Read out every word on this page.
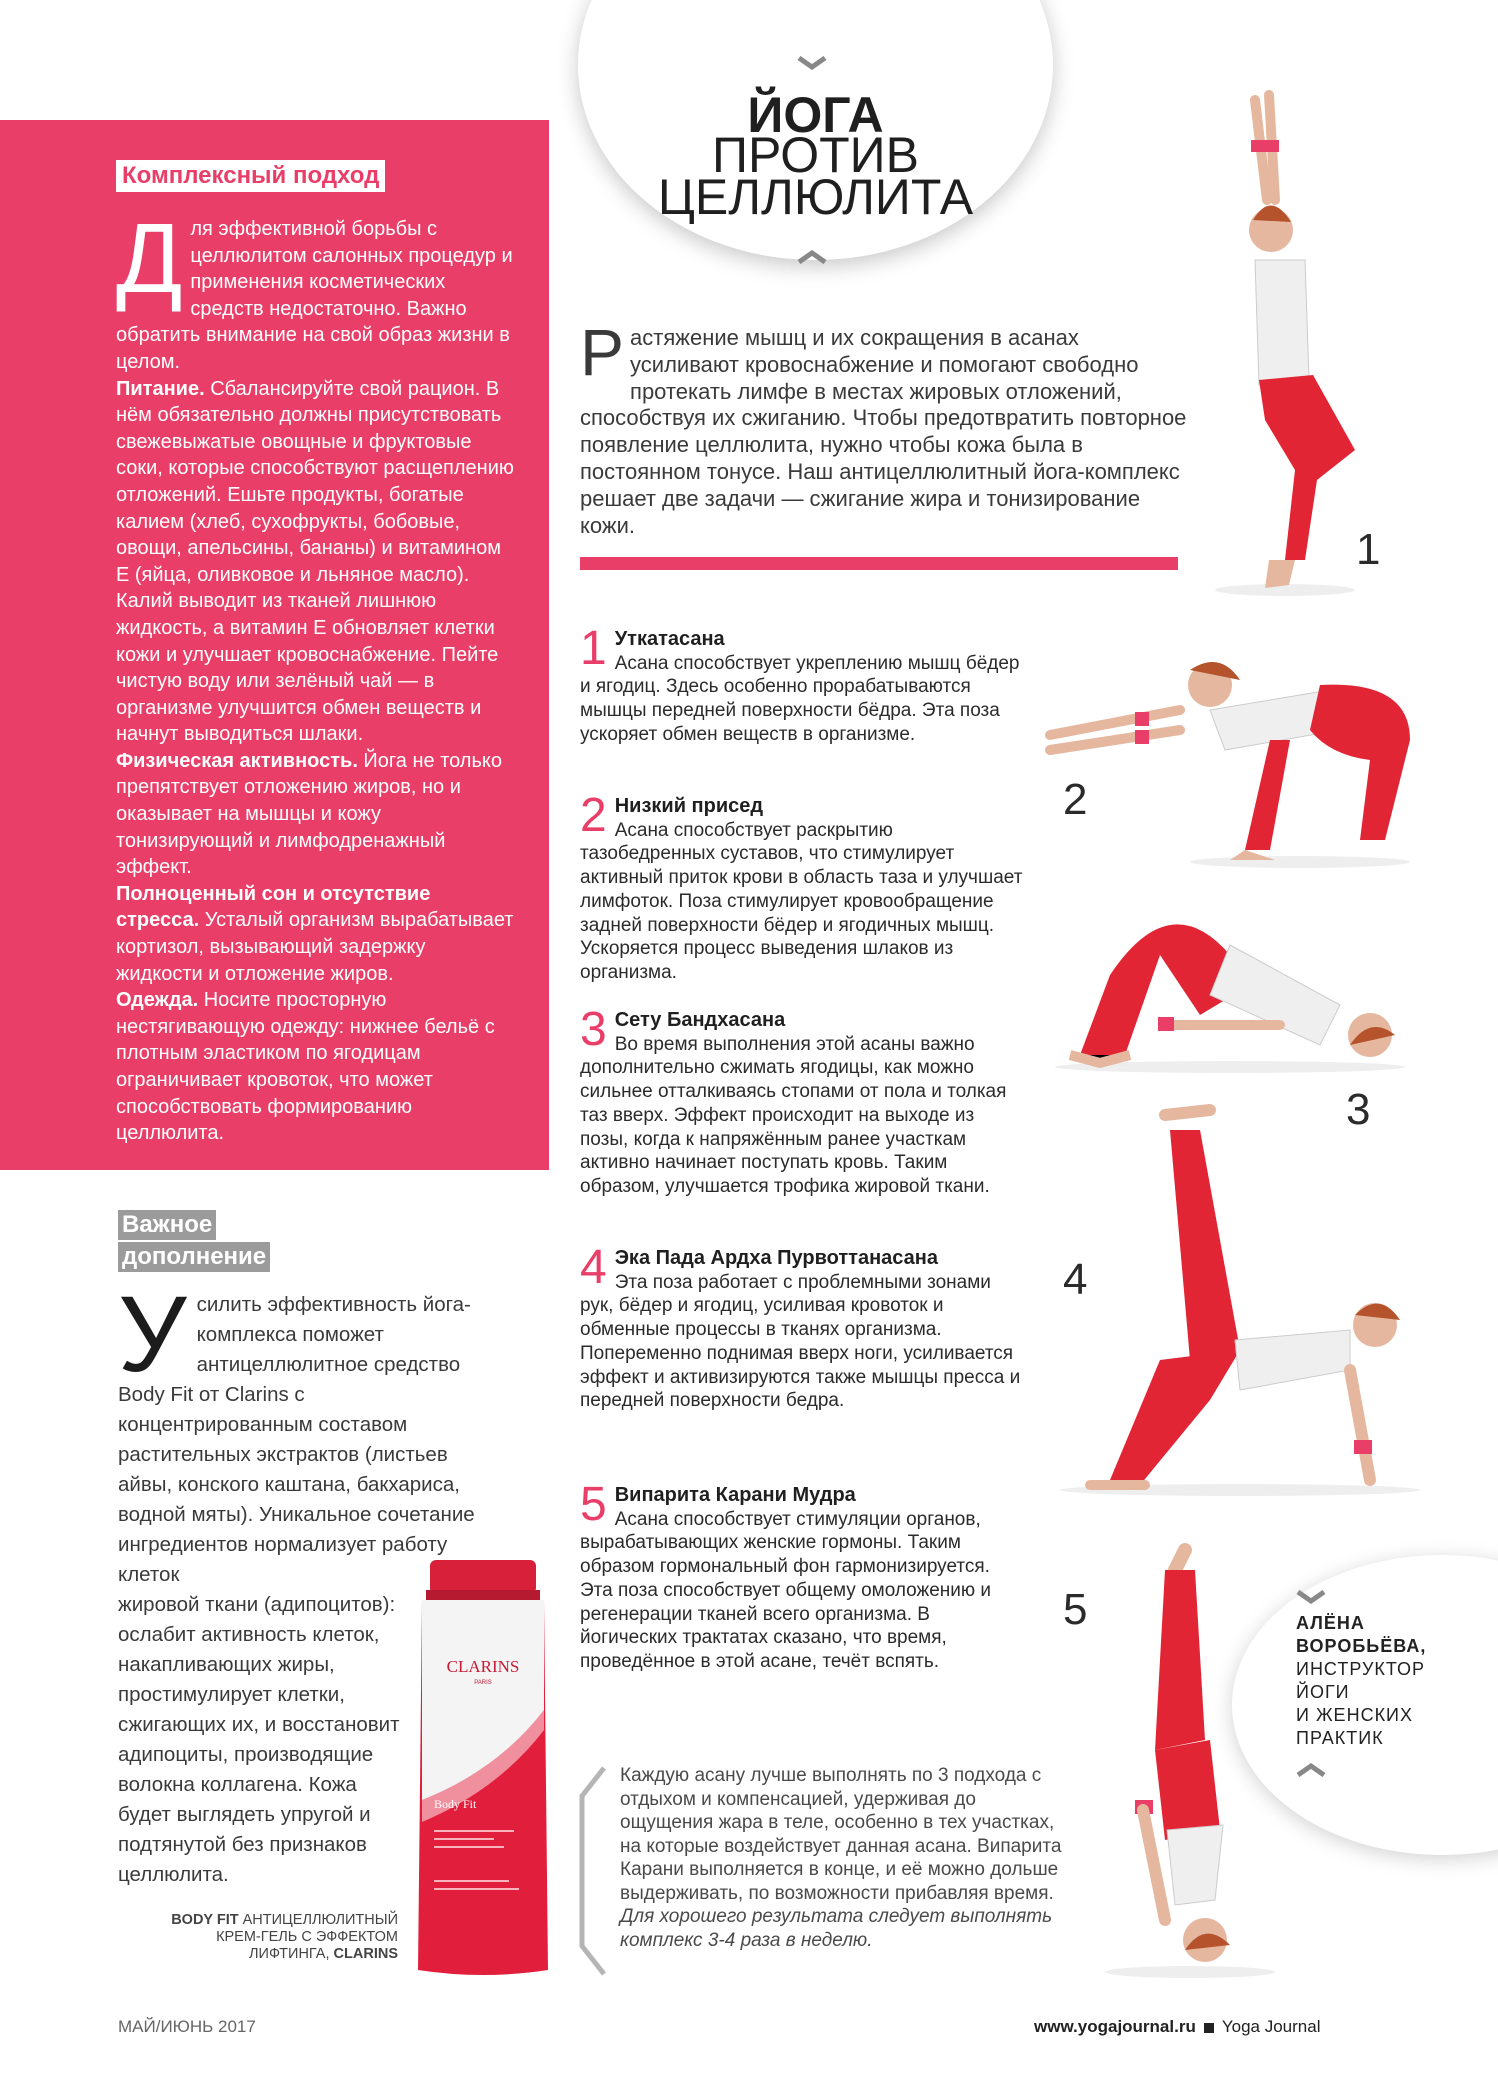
Комплексный подход

Д ля эффективной борьбы с целлюлитом салонных процедур и применения косметических средств недостаточно. Важно обратить внимание на свой образ жизни в целом.

Питание. Сбалансируйте свой рацион. В нём обязательно должны присутствовать свежевыжатые овощные и фруктовые соки, которые способствуют расщеплению отложений. Ешьте продукты, богатые калием (хлеб, сухофрукты, бобовые, овощи, апельсины, бананы) и витамином Е (яйца, оливковое и льняное масло). Калий выводит из тканей лишнюю жидкость, а витамин Е обновляет клетки кожи и улучшает кровоснабжение. Пейте чистую воду или зелёный чай — в организме улучшится обмен веществ и начнут выводиться шлаки.

Физическая активность. Йога не только препятствует отложению жиров, но и оказывает на мышцы и кожу тонизирующий и лимфодренажный эффект.

Полноценный сон и отсутствие стресса. Усталый организм вырабатывает кортизол, вызывающий задержку жидкости и отложение жиров.

Одежда. Носите просторную нестягивающую одежду: нижнее бельё с плотным эластиком по ягодицам ограничивает кровоток, что может способствовать формированию целлюлита.

Важное
дополнение
У силить эффективность йога-комплекса поможет антицеллюлитное средство Body Fit от Clarins с концентрированным составом растительных экстрактов (листьев айвы, конского каштана, бакхариса, водной мяты). Уникальное сочетание ингредиентов нормализует работу клеток
жировой ткани (адипоцитов): ослабит активность клеток, накапливающих жиры, простимулирует клетки, сжигающих их, и восстановит адипоциты, производящие волокна коллагена. Кожа будет выглядеть упругой и подтянутой без признаков целлюлита.
BODY FIT АНТИЦЕЛЛЮЛИТНЫЙ КРЕМ-ГЕЛЬ С ЭФФЕКТОМ ЛИФТИНГА, CLARINS
CLARINS
PARIS
Body Fit
ЙОГА
ПРОТИВ
ЦЕЛЛЮЛИТА
Р астяжение мышц и их сокращения в асанах усиливают кровоснабжение и помогают свободно протекать лимфе в местах жировых отложений, способствуя их сжиганию. Чтобы предотвратить повторное появление целлюлита, нужно чтобы кожа была в постоянном тонусе. Наш антицеллюлитный йога-комплекс решает две задачи — сжигание жира и тонизирование кожи.
1 Уткатасана
Асана способствует укреплению мышц бёдер и ягодиц. Здесь особенно прорабатываются мышцы передней поверхности бёдра. Эта поза ускоряет обмен веществ в организме.
2 Низкий присед
Асана способствует раскрытию тазобедренных суставов, что стимулирует активный приток крови в область таза и улучшает лимфоток. Поза стимулирует кровообращение задней поверхности бёдер и ягодичных мышц. Ускоряется процесс выведения шлаков из организма.
3 Сету Бандхасана
Во время выполнения этой асаны важно дополнительно сжимать ягодицы, как можно сильнее отталкиваясь стопами от пола и толкая таз вверх. Эффект происходит на выходе из позы, когда к напряжённым ранее участкам активно начинает поступать кровь. Таким образом, улучшается трофика жировой ткани.
4 Эка Пада Ардха Пурвоттанасана
Эта поза работает с проблемными зонами рук, бёдер и ягодиц, усиливая кровоток и обменные процессы в тканях организма. Попеременно поднимая вверх ноги, усиливается эффект и активизируются также мышцы пресса и передней поверхности бедра.
5 Випарита Карани Мудра
Асана способствует стимуляции органов, вырабатывающих женские гормоны. Таким образом гормональный фон гармонизируется. Эта поза способствует общему омоложению и регенерации тканей всего организма. В йогических трактатах сказано, что время, проведённое в этой асане, течёт вспять.
1
2
3
4
5
Каждую асану лучше выполнять по 3 подхода с отдыхом и компенсацией, удерживая до ощущения жара в теле, особенно в тех участках, на которые воздействует данная асана. Випарита Карани выполняется в конце, и её можно дольше выдерживать, по возможности прибавляя время. Для хорошего результата следует выполнять комплекс 3-4 раза в неделю.
АЛЁНА
ВОРОБЬЁВА,
ИНСТРУКТОР
ЙОГИ
И ЖЕНСКИХ
ПРАКТИК
МАЙ/ИЮНЬ 2017	www.yogajournal.ru Yoga Journal
